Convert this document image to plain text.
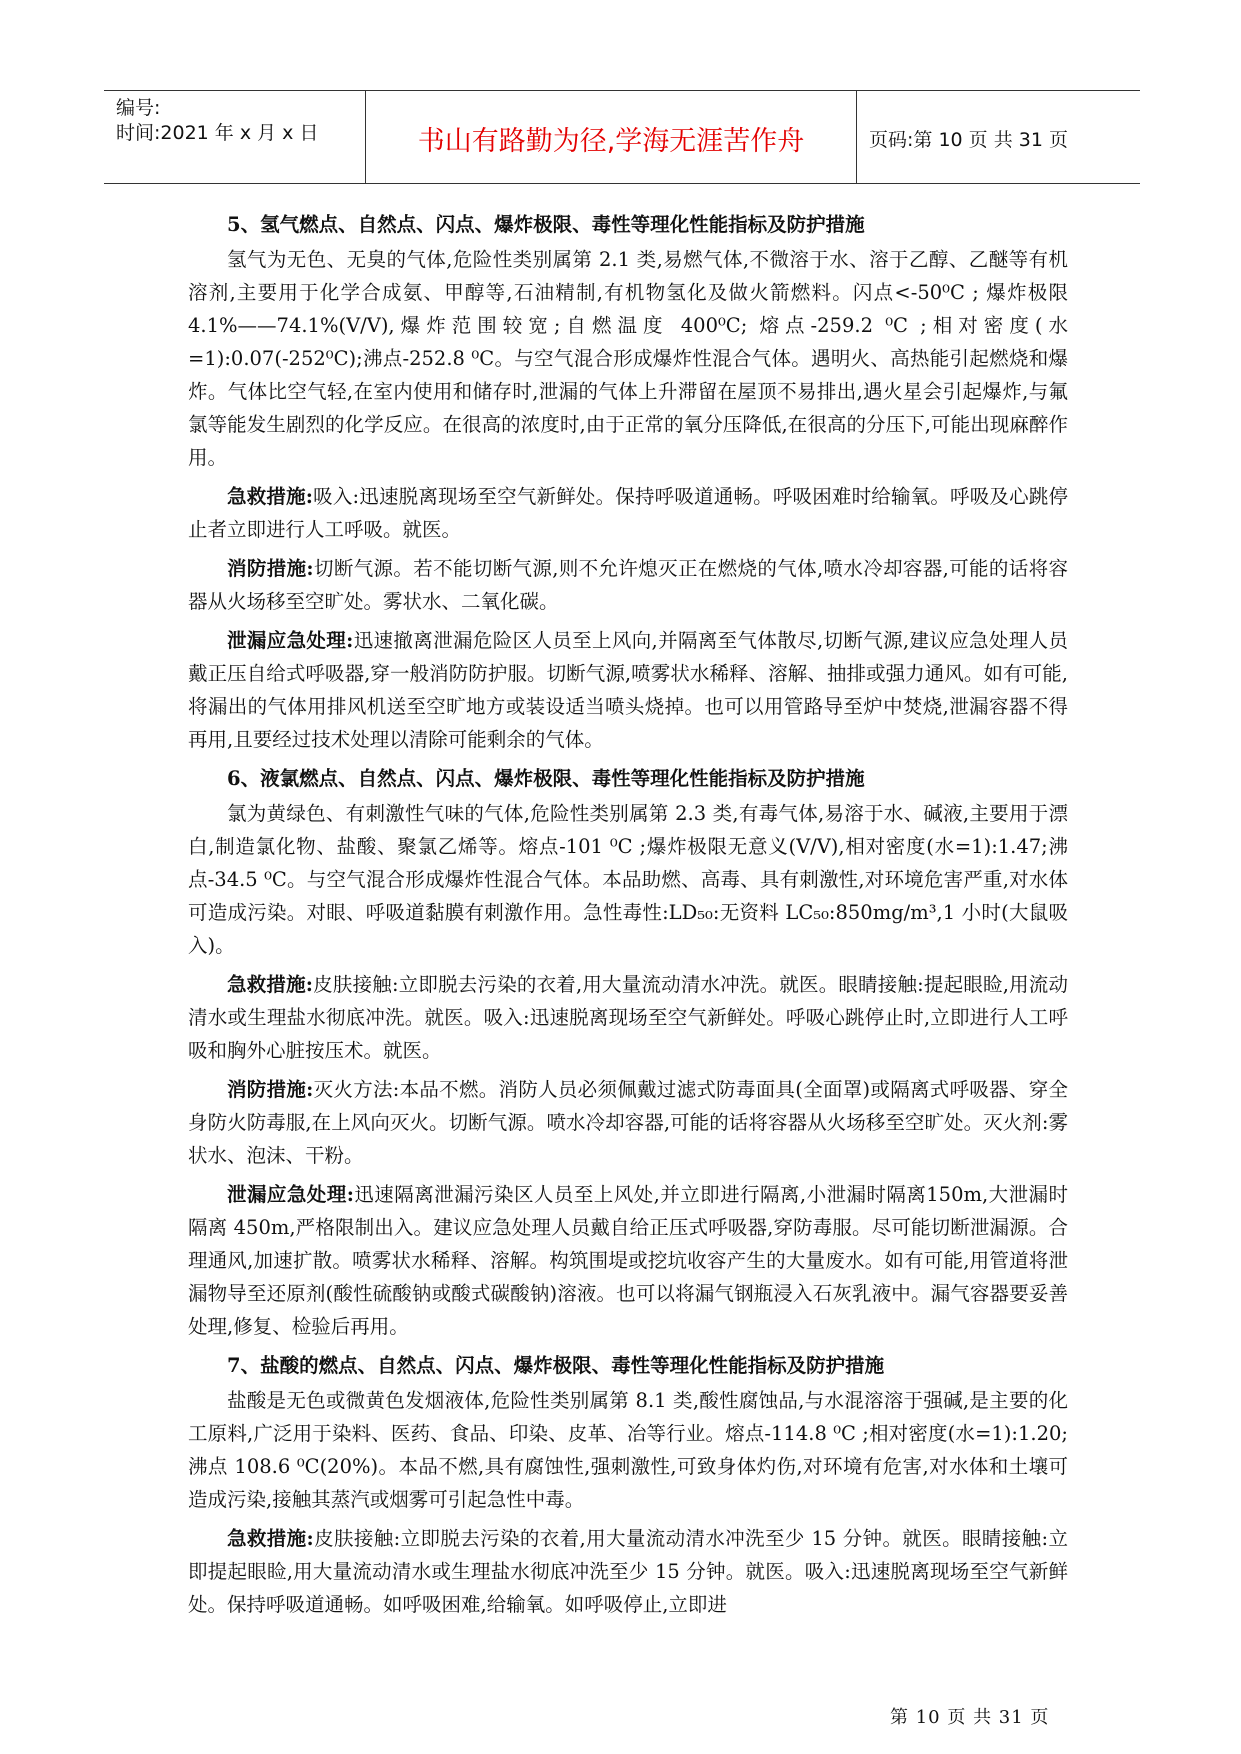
编号:
时间:2021 年 x 月 x 日	书山有路勤为径,学海无涯苦作舟	页码:第 10 页 共 31 页

5、氢气燃点、自然点、闪点、爆炸极限、毒性等理化性能指标及防护措施

氢气为无色、无臭的气体,危险性类别属第 2.1 类,易燃气体,不微溶于水、溶于乙醇、乙醚等有机溶剂,主要用于化学合成氨、甲醇等,石油精制,有机物氢化及做火箭燃料。闪点<-50⁰C ; 爆炸极限 4.1%——74.1%(V/V),爆炸范围较宽;自燃温度 400⁰C; 熔点-259.2 ⁰C ;相对密度(水=1):0.07(-252⁰C);沸点-252.8 ⁰C。与空气混合形成爆炸性混合气体。遇明火、高热能引起燃烧和爆炸。气体比空气轻,在室内使用和储存时,泄漏的气体上升滞留在屋顶不易排出,遇火星会引起爆炸,与氟氯等能发生剧烈的化学反应。在很高的浓度时,由于正常的氧分压降低,在很高的分压下,可能出现麻醉作用。

急救措施:吸入:迅速脱离现场至空气新鲜处。保持呼吸道通畅。呼吸困难时给输氧。呼吸及心跳停止者立即进行人工呼吸。就医。

消防措施:切断气源。若不能切断气源,则不允许熄灭正在燃烧的气体,喷水冷却容器,可能的话将容器从火场移至空旷处。雾状水、二氧化碳。

泄漏应急处理:迅速撤离泄漏危险区人员至上风向,并隔离至气体散尽,切断气源,建议应急处理人员戴正压自给式呼吸器,穿一般消防防护服。切断气源,喷雾状水稀释、溶解、抽排或强力通风。如有可能,将漏出的气体用排风机送至空旷地方或装设适当喷头烧掉。也可以用管路导至炉中焚烧,泄漏容器不得再用,且要经过技术处理以清除可能剩余的气体。

6、液氯燃点、自然点、闪点、爆炸极限、毒性等理化性能指标及防护措施

氯为黄绿色、有刺激性气味的气体,危险性类别属第 2.3 类,有毒气体,易溶于水、碱液,主要用于漂白,制造氯化物、盐酸、聚氯乙烯等。熔点-101 ⁰C ;爆炸极限无意义(V/V),相对密度(水=1):1.47;沸点-34.5 ⁰C。与空气混合形成爆炸性混合气体。本品助燃、高毒、具有刺激性,对环境危害严重,对水体可造成污染。对眼、呼吸道黏膜有刺激作用。急性毒性:LD₅₀:无资料 LC₅₀:850mg/m³,1 小时(大鼠吸入)。

急救措施:皮肤接触:立即脱去污染的衣着,用大量流动清水冲洗。就医。眼睛接触:提起眼睑,用流动清水或生理盐水彻底冲洗。就医。吸入:迅速脱离现场至空气新鲜处。呼吸心跳停止时,立即进行人工呼吸和胸外心脏按压术。就医。

消防措施:灭火方法:本品不燃。消防人员必须佩戴过滤式防毒面具(全面罩)或隔离式呼吸器、穿全身防火防毒服,在上风向灭火。切断气源。喷水冷却容器,可能的话将容器从火场移至空旷处。灭火剂:雾状水、泡沫、干粉。

泄漏应急处理:迅速隔离泄漏污染区人员至上风处,并立即进行隔离,小泄漏时隔离150m,大泄漏时隔离 450m,严格限制出入。建议应急处理人员戴自给正压式呼吸器,穿防毒服。尽可能切断泄漏源。合理通风,加速扩散。喷雾状水稀释、溶解。构筑围堤或挖坑收容产生的大量废水。如有可能,用管道将泄漏物导至还原剂(酸性硫酸钠或酸式碳酸钠)溶液。也可以将漏气钢瓶浸入石灰乳液中。漏气容器要妥善处理,修复、检验后再用。

7、盐酸的燃点、自然点、闪点、爆炸极限、毒性等理化性能指标及防护措施

盐酸是无色或微黄色发烟液体,危险性类别属第 8.1 类,酸性腐蚀品,与水混溶溶于强碱,是主要的化工原料,广泛用于染料、医药、食品、印染、皮革、冶等行业。熔点-114.8 ⁰C ;相对密度(水=1):1.20;沸点 108.6 ⁰C(20%)。本品不燃,具有腐蚀性,强刺激性,可致身体灼伤,对环境有危害,对水体和土壤可造成污染,接触其蒸汽或烟雾可引起急性中毒。

急救措施:皮肤接触:立即脱去污染的衣着,用大量流动清水冲洗至少 15 分钟。就医。眼睛接触:立即提起眼睑,用大量流动清水或生理盐水彻底冲洗至少 15 分钟。就医。吸入:迅速脱离现场至空气新鲜处。保持呼吸道通畅。如呼吸困难,给输氧。如呼吸停止,立即进

第 10 页 共 31 页
